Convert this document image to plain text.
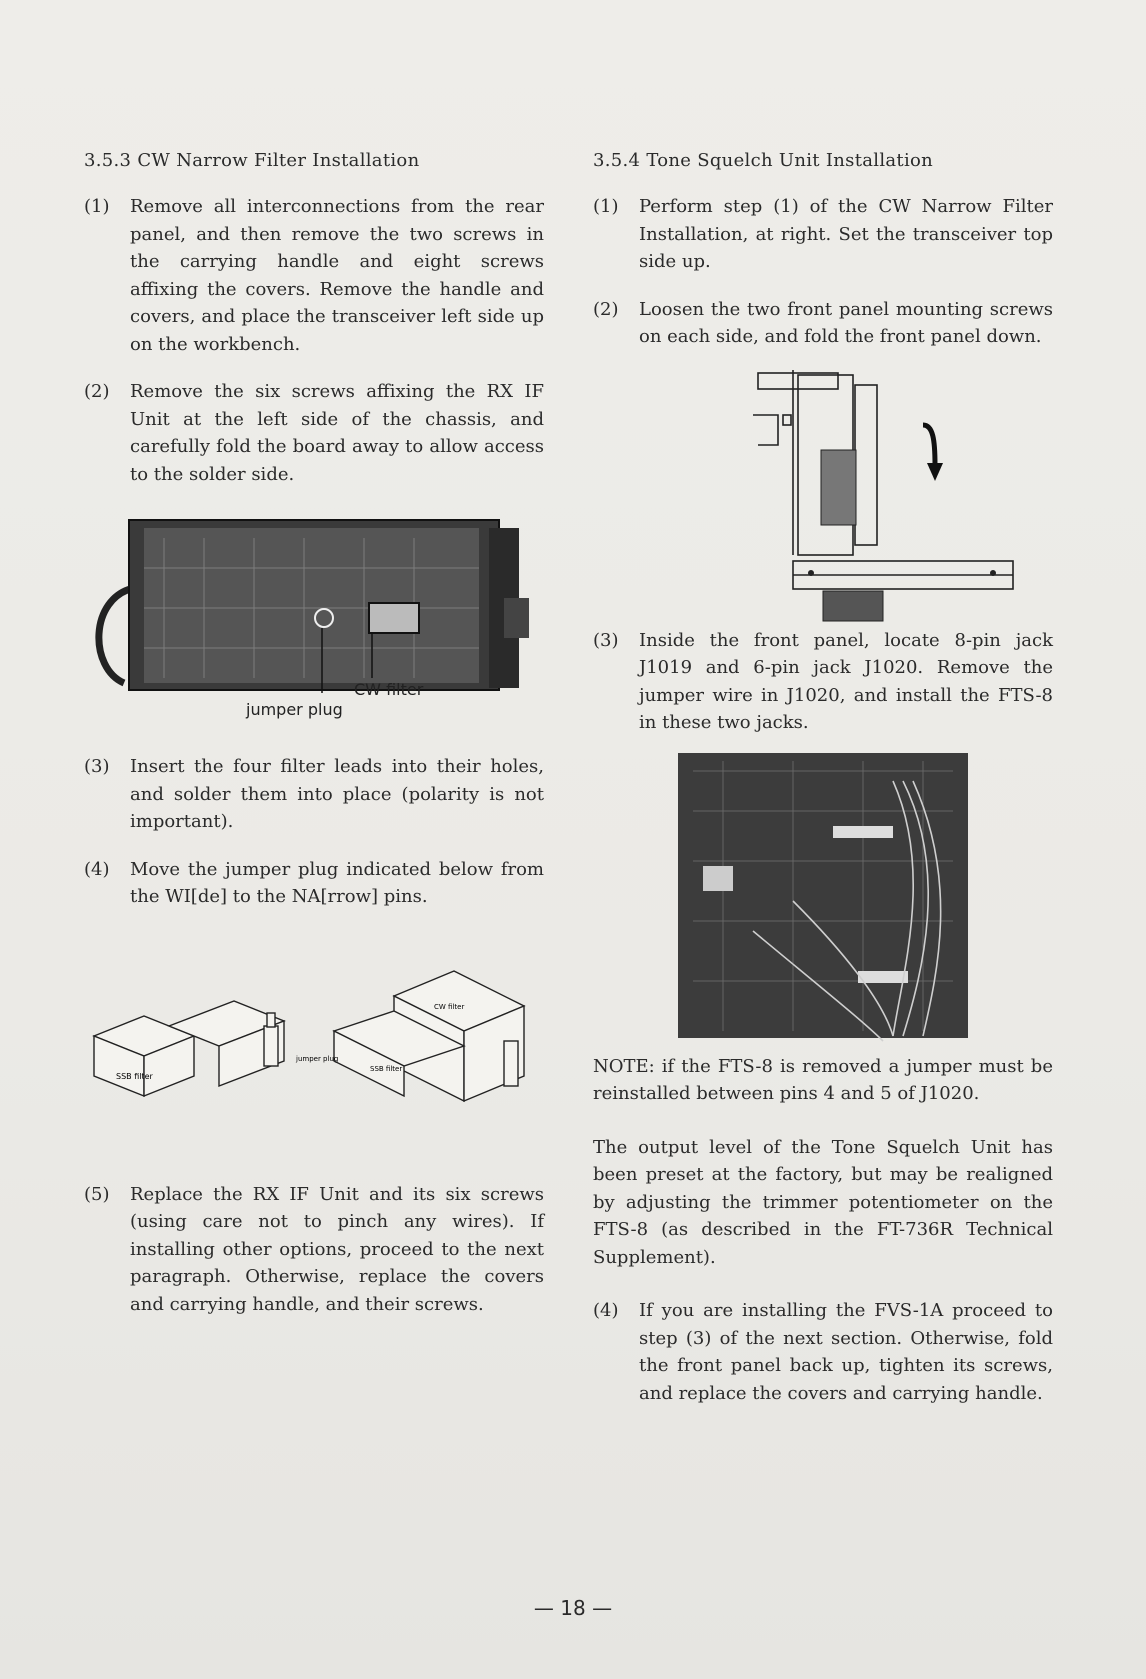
3.5.3 CW Narrow Filter Installation
(1)	Remove all interconnections from the rear panel, and then remove the two screws in the carrying handle and eight screws affixing the covers. Remove the handle and covers, and place the transceiver left side up on the workbench.
(2)	Remove the six screws affixing the RX IF Unit at the left side of the chassis, and carefully fold the board away to allow access to the solder side.
CW filter
jumper plug
(3)	Insert the four filter leads into their holes, and solder them into place (polarity is not important).
(4)	Move the jumper plug indicated below from the WI[de] to the NA[rrow] pins.
SSB filter
jumper plug
SSB filter
CW filter
(5)	Replace the RX IF Unit and its six screws (using care not to pinch any wires). If installing other options, proceed to the next paragraph. Otherwise, replace the covers and carrying handle, and their screws.
3.5.4 Tone Squelch Unit Installation
(1)	Perform step (1) of the CW Narrow Filter Installation, at right. Set the transceiver top side up.
(2)	Loosen the two front panel mounting screws on each side, and fold the front panel down.
(3)	Inside the front panel, locate 8-pin jack J1019 and 6-pin jack J1020. Remove the jumper wire in J1020, and install the FTS-8 in these two jacks.
NOTE: if the FTS-8 is removed a jumper must be reinstalled between pins 4 and 5 of J1020.
The output level of the Tone Squelch Unit has been preset at the factory, but may be realigned by adjusting the trimmer potentiometer on the FTS-8 (as described in the FT-736R Technical Supplement).
(4)	If you are installing the FVS-1A proceed to step (3) of the next section. Otherwise, fold the front panel back up, tighten its screws, and replace the covers and carrying handle.
— 18 —
